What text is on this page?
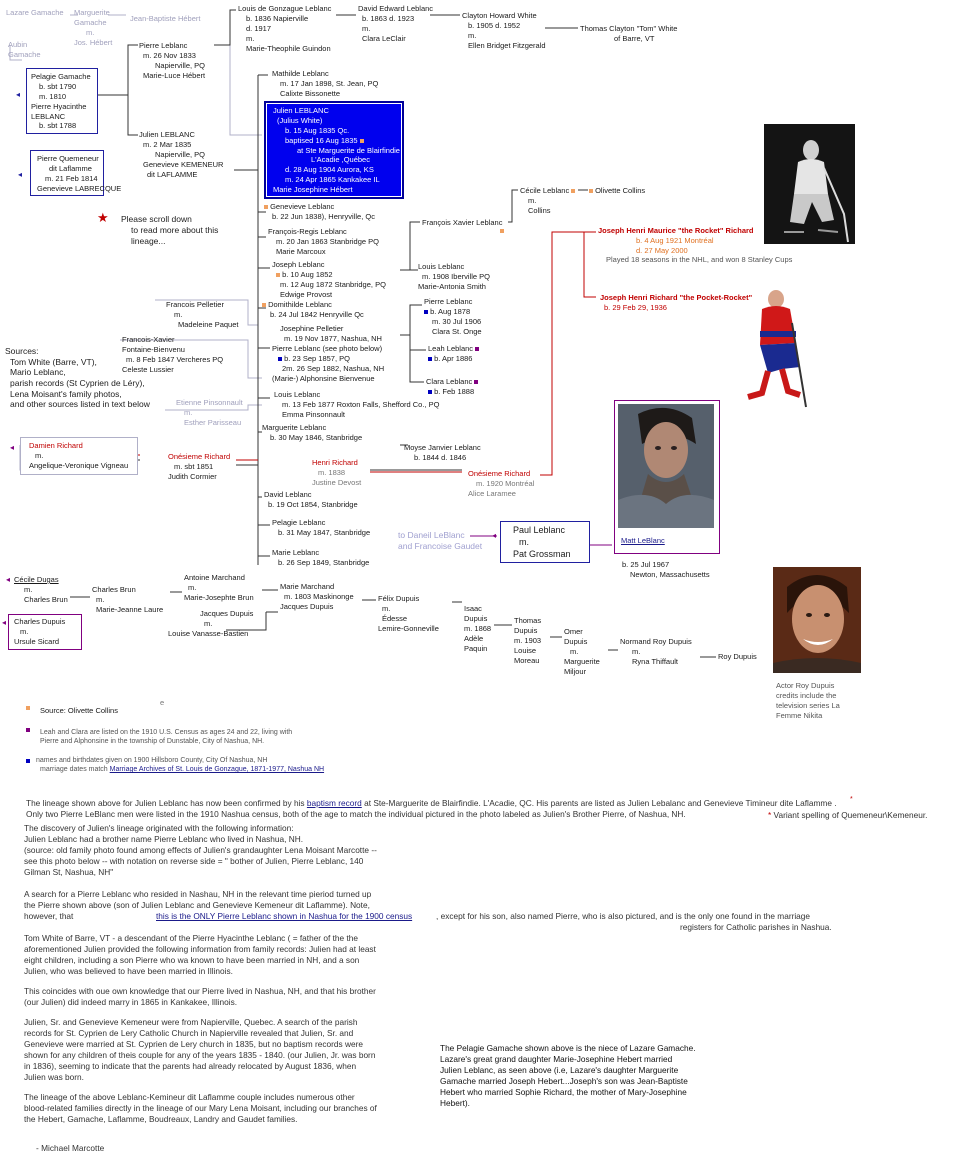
Lazare Gamache Marguerite
Gamache
m.
Jos. Hébert
Jean-Baptiste Hébert
Aubin
Gamache
Pelagie Gamache
b. sbt 1790
m. 1810
Pierre Hyacinthe
LEBLANC
b. sbt 1788
◂
Pierre Quemeneur
dit Laflamme
m. 21 Feb 1814
Genevieve LABRECQUE
◂
Pierre Leblanc
m. 26 Nov 1833
Napierville, PQ
Marie-Luce Hébert
Julien LEBLANC
m. 2 Mar 1835
Napierville, PQ
Genevieve KEMENEUR
dit LAFLAMME
Louis de Gonzague Leblanc
b. 1836 Napierville
d. 1917
m.
Marie-Theophile Guindon
David Edward Leblanc
b. 1863 d. 1923
m.
Clara LeClair
Clayton Howard White
b. 1905 d. 1952
m.
Ellen Bridget Fitzgerald
Thomas Clayton "Tom" White
of Barre, VT
Mathilde Leblanc
m. 17 Jan 1898, St. Jean, PQ
Calixte Bissonette
Julien LEBLANC
(Julius White)
b. 15 Aug 1835 Qc.
baptised 16 Aug 1835
at Ste Marguerite de Blairfindie
L'Acadie ,Québec
d. 28 Aug 1904 Aurora, KS
m. 24 Apr 1865 Kankakee IL
Marie Josephine Hébert
★ Please scroll down
to read more about this
lineage...
Genevieve Leblanc
b. 22 Jun 1838), Henryville, Qc
François-Regis Leblanc
m. 20 Jan 1863 Stanbridge PQ
Marie Marcoux
Joseph Leblanc
b. 10 Aug 1852
m. 12 Aug 1872 Stanbridge, PQ
Edwige Provost
Cécile Leblanc
m.
Collins
Olivette Collins
François Xavier Leblanc
Louis Leblanc
m. 1908 Iberville PQ
Marie-Antonia Smith
Joseph Henri Maurice "the Rocket" Richard
b. 4 Aug 1921 Montréal
d. 27 May 2000
Played 18 seasons in the NHL, and won 8 Stanley Cups
Joseph Henri Richard "the Pocket-Rocket"
b. 29 Feb 29, 1936
Francois Pelletier
m.
Madeleine Paquet
Domithilde Leblanc
b. 24 Jul 1842 Henryville Qc
Josephine Pelletier
m. 19 Nov 1877, Nashua, NH
Pierre Leblanc (see photo below)
b. 23 Sep 1857, PQ
2m. 26 Sep 1882, Nashua, NH
(Marie-) Alphonsine Bienvenue
Pierre Leblanc
b. Aug 1878
m. 30 Jul 1906
Clara St. Onge
Leah Leblanc
b. Apr 1886
Clara Leblanc
b. Feb 1888
Francois-Xavier
Fontaine-Bienvenu
m. 8 Feb 1847 Vercheres PQ
Celeste Lussier
Sources:
Tom White (Barre, VT),
Mario Leblanc,
parish records (St Cyprien de Léry),
Lena Moisant's family photos,
and other sources listed in text below
Louis Leblanc
m. 13 Feb 1877 Roxton Falls, Shefford Co., PQ
Emma Pinsonnault
Etienne Pinsonnault
m.
Esther Parisseau
Marguerite Leblanc
b. 30 May 1846, Stanbridge
Moyse Janvier Leblanc
b. 1844 d. 1846
Damien Richard
m.
Angelique-Veronique Vigneau
◂
Onésieme Richard
m. sbt 1851
Judith Cormier
Henri Richard
m. 1838
Justine Devost
Onésieme Richard
m. 1920 Montréal
Alice Laramee
David Leblanc
b. 19 Oct 1854, Stanbridge
Pelagie Leblanc
b. 31 May 1847, Stanbridge
Marie Leblanc
b. 26 Sep 1849, Stanbridge
to Daneil LeBlanc
and Francoise Gaudet
◂
Paul Leblanc
m.
Pat Grossman
Matt LeBlanc
b. 25 Jul 1967
Newton, Massachusetts
◂ Cécile Dugas
m.
Charles Brun
Charles Brun
m.
Marie-Jeanne Laure
Antoine Marchand
m.
Marie-Josephte Brun
Marie Marchand
m. 1803 Maskinonge
Jacques Dupuis
Charles Dupuis
m.
Ursule Sicard
◂
Jacques Dupuis
m.
Louise Vanasse-Bastien
Félix Dupuis
m.
Édesse
Lemire-Gonneville
Isaac
Dupuis
m. 1868
Adèle
Paquin
Thomas
Dupuis
m. 1903
Louise
Moreau
Omer
Dupuis
m.
Marguerite
Miljour
Normand Roy Dupuis
m.
Ryna Thiffault
Roy Dupuis
Actor Roy Dupuis
credits include the
television series La
Femme Nikita
e
Source: Olivette Collins
Leah and Clara are listed on the 1910 U.S. Census as ages 24 and 22, living with
Pierre and Alphonsine in the township of Dunstable, City of Nashua, NH.
names and birthdates given on 1900 Hillsboro County, City Of Nashua, NH
marriage dates match Marriage Archives of St. Louis de Gonzague, 1871-1977, Nashua NH
The lineage shown above for Julien Leblanc has now been confirmed by his baptism record at Ste-Marguerite de Blairfindie. L'Acadie, QC. His parents are listed as Julien Lebalanc and Genevieve Timineur dite Laflamme .
Only two Pierre LeBlanc men were listed in the 1910 Nashua census, both of the age to match the individual pictured in the photo labeled as Julien's Brother Pierre, of Nashua, NH.
*
* Variant spelling of Quemeneur\Kemeneur.
The discovery of Julien's lineage originated with the following information:
Julien Leblanc had a brother name Pierre Leblanc who lived in Nashua, NH.

(source: old family photo found among effects of Julien's grandaughter Lena Moisant Marcotte -- see this photo below -- with notation on reverse side = " bother of Julien, Pierre Leblanc, 140 Gilman St, Nashua, NH"

A search for a Pierre Leblanc who resided in Nashau, NH in the relevant time pieriod turned up the Pierre shown above (son of Julien Leblanc and Genevieve Kemeneur dit Laflamme). Note, however, that	this is the ONLY Pierre Leblanc shown in Nashua for the 1900 census	, except for his son, also named Pierre, who is also pictured, and is the only one found in the marriage
registers for Catholic parishes in Nashua.

Tom White of Barre, VT - a descendant of the Pierre Hyacinthe Leblanc ( = father of the the aforementioned Julien provided the following information from family records: Julien had at least eight children, including a son Pierre who wa known to have been married in NH, and a son Julien, who was believed to have been married in Illinois.

This coincides with oue own knowledge that our Pierre lived in Nashua, NH, and that his brother (our Julien) did indeed marry in 1865 in Kankakee, Illinois.

Julien, Sr. and Genevieve Kemeneur were from Napierville, Quebec. A search of the parish records for St. Cyprien de Lery Catholic Church in Napierville revealed that Julien, Sr. and Genevieve were married at St. Cyprien de Lery church in 1835, but no baptism records were shown for any children of theis couple for any of the years 1835 - 1840. (our Julien, Jr. was born in 1836), seeming to indicate that the parents had already relocated by August 1836, when Julien was born.

The lineage of the above Leblanc-Kemineur dit Laflamme couple includes numerous other blood-related families directly in the lineage of our Mary Lena Moisant, including our branches of the Hebert, Gamache, Laflamme, Boudreaux, Landry and Gaudet families.

- Michael Marcotte
The Pelagie Gamache shown above is the niece of Lazare Gamache. Lazare's great grand daughter Marie-Josephine Hebert married Julien Leblanc, as seen above (i.e, Lazare's daughter Marguerite Gamache married Joseph Hebert...Joseph's son was Jean-Baptiste Hebert who married Sophie Richard, the mother of Mary-Josephine Hebert).
